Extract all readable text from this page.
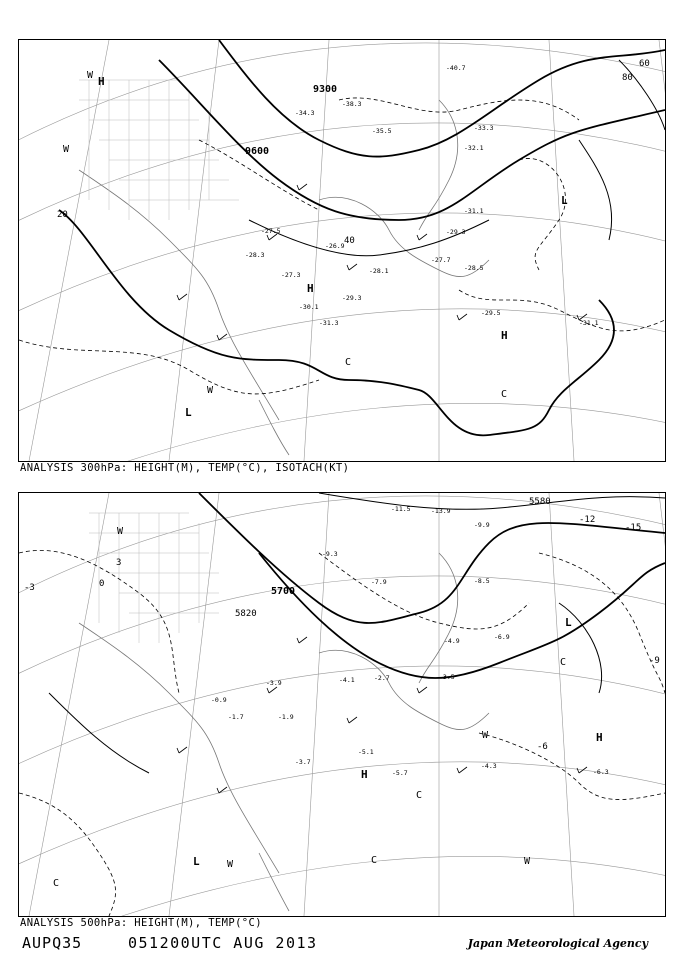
9300
9600
20
40
60
80
H
H
H
L
L
W
W
W
C
C
-29.5
-31.1
-31.3
-29.3
-28.5
-27.7
-28.1
-27.5
-26.9
-33.3
-32.1
-31.1
-29.3
-35.5
-34.3
-40.7
-38.3
-30.1
-27.3
-28.3
ANALYSIS 300hPa: HEIGHT(M), TEMP(°C), ISOTACH(KT)
5580
5700
5820
-3
-6
-9
-12
-15
0
3
H
H
L
L
W
W
W
W
C
C
C
C
-4.3
-5.7
-5.1
-6.3
-3.5
-4.9
-8.5
-6.9
-7.9
-9.3
-11.5	-13.9
-9.9
-3.9	-4.1
-1.9
-3.7
-2.7
-0.9
-1.7
ANALYSIS 500hPa: HEIGHT(M), TEMP(°C)
AUPQ35	051200UTC AUG 2013	Japan Meteorological Agency
